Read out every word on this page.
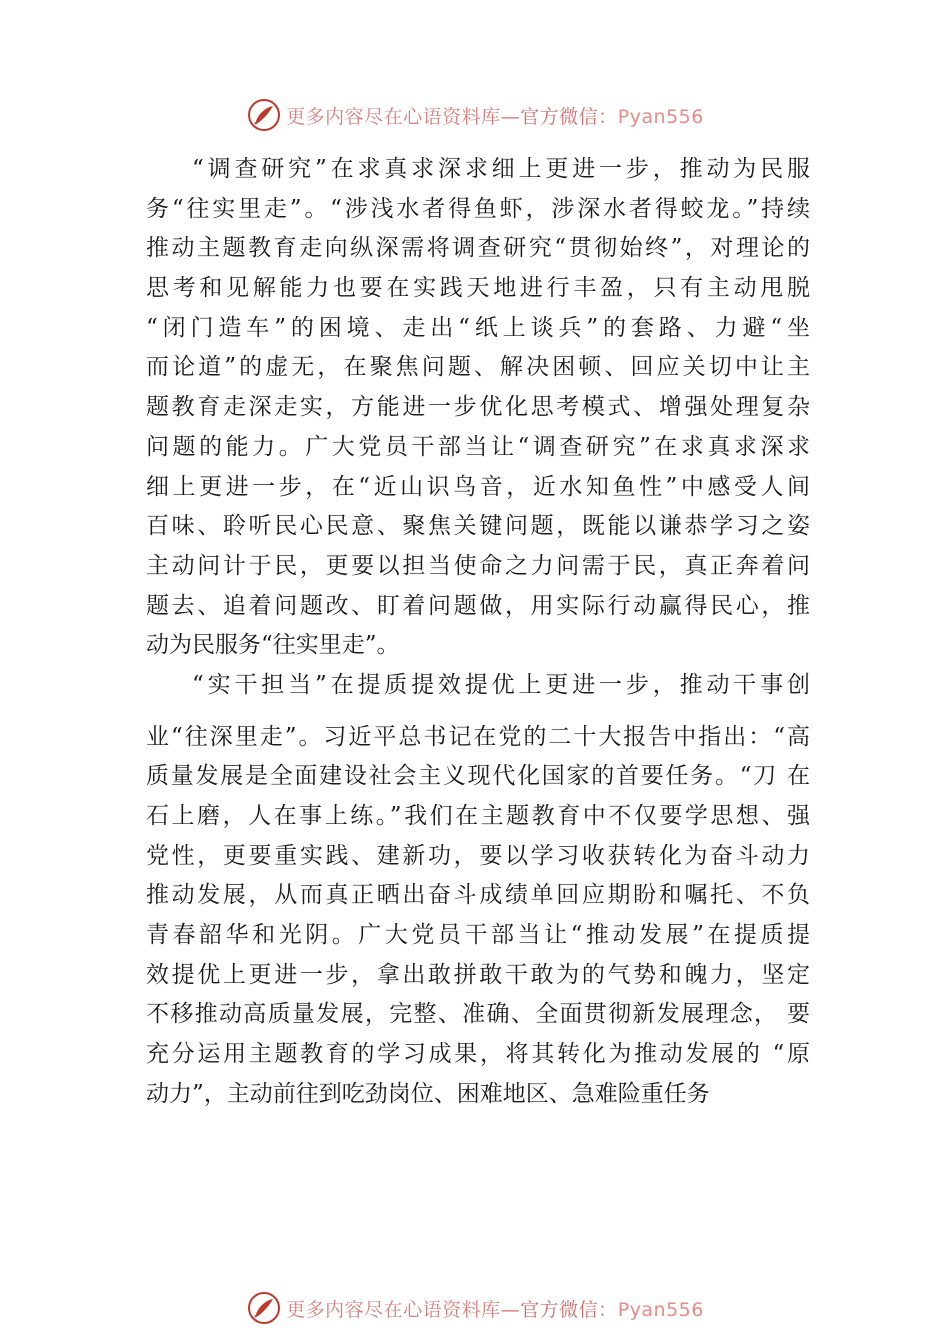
更多内容尽在心语资料库—官方微信：Pyan556
“调查研究”在求真求深求细上更进一步，推动为民服
务“往实里走”。“涉浅水者得鱼虾，涉深水者得蛟龙。”持续
推动主题教育走向纵深需将调查研究“贯彻始终”，对理论的
思考和见解能力也要在实践天地进行丰盈，只有主动甩脱
“闭门造车”的困境、走出“纸上谈兵”的套路、力避“坐
而论道”的虚无，在聚焦问题、解决困顿、回应关切中让主
题教育走深走实，方能进一步优化思考模式、增强处理复杂
问题的能力。广大党员干部当让“调查研究”在求真求深求
细上更进一步，在“近山识鸟音，近水知鱼性”中感受人间
百味、聆听民心民意、聚焦关键问题，既能以谦恭学习之姿
主动问计于民，更要以担当使命之力问需于民，真正奔着问
题去、追着问题改、盯着问题做，用实际行动赢得民心，推
动为民服务“往实里走”。
“实干担当”在提质提效提优上更进一步，推动干事创
业“往深里走”。习近平总书记在党的二十大报告中指出：“高
质量发展是全面建设社会主义现代化国家的首要任务。“刀 在
石上磨，人在事上练。”我们在主题教育中不仅要学思想、强
党性，更要重实践、建新功，要以学习收获转化为奋斗动力
推动发展，从而真正晒出奋斗成绩单回应期盼和嘱托、不负
青春韶华和光阴。广大党员干部当让“推动发展”在提质提
效提优上更进一步，拿出敢拼敢干敢为的气势和魄力，坚定
不移推动高质量发展，完整、准确、全面贯彻新发展理念， 要
充分运用主题教育的学习成果，将其转化为推动发展的 “原
动力”，主动前往到吃劲岗位、困难地区、急难险重任务
更多内容尽在心语资料库—官方微信：Pyan556
